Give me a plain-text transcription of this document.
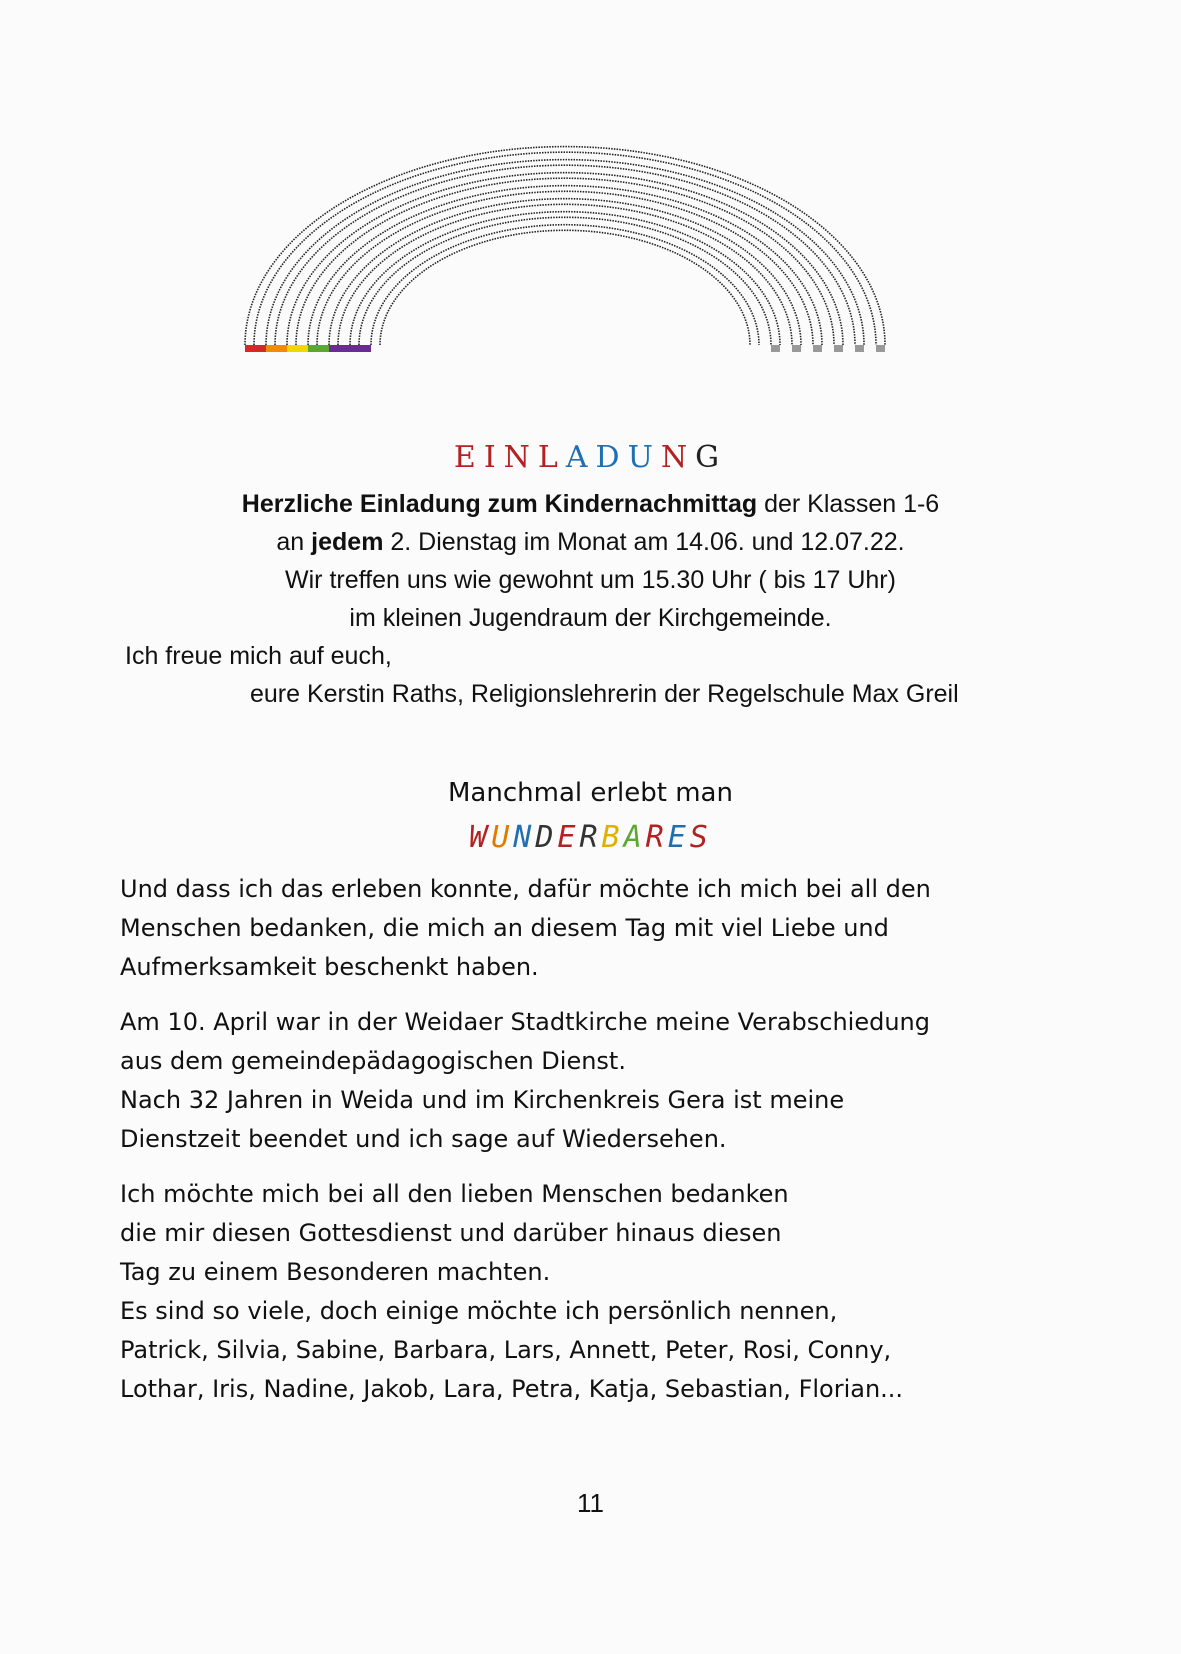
EINLADUNG
Herzliche Einladung zum Kindernachmittag der Klassen 1-6
an jedem 2. Dienstag im Monat am 14.06. und 12.07.22.
Wir treffen uns wie gewohnt um 15.30 Uhr ( bis 17 Uhr)
im kleinen Jugendraum der Kirchgemeinde.
Ich freue mich auf euch,
eure Kerstin Raths, Religionslehrerin der Regelschule Max Greil
Manchmal erlebt man
WUNDERBARES

Und dass ich das erleben konnte, dafür möchte ich mich bei all den
Menschen bedanken, die mich an diesem Tag mit viel Liebe und
Aufmerksamkeit beschenkt haben.

Am 10. April war in der Weidaer Stadtkirche meine Verabschiedung
aus dem gemeindepädagogischen Dienst.
Nach 32 Jahren in Weida und im Kirchenkreis Gera ist meine
Dienstzeit beendet und ich sage auf Wiedersehen.

Ich möchte mich bei all den lieben Menschen bedanken
die mir diesen Gottesdienst und darüber hinaus diesen
Tag zu einem Besonderen machten.
Es sind so viele, doch einige möchte ich persönlich nennen,
Patrick, Silvia, Sabine, Barbara, Lars, Annett, Peter, Rosi, Conny,
Lothar, Iris, Nadine, Jakob, Lara, Petra, Katja, Sebastian, Florian...

11
